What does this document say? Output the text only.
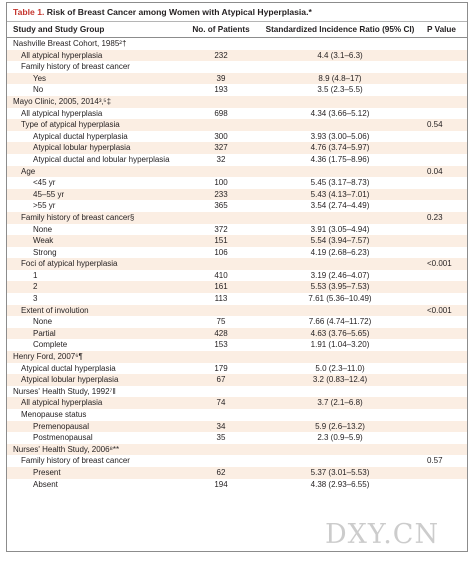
Table 1. Risk of Breast Cancer among Women with Atypical Hyperplasia.*
Study and Study Group	No. of Patients	Standardized Incidence Ratio (95% CI)	P Value
Nashville Breast Cohort, 1985²†			
All atypical hyperplasia	232	4.4 (3.1–6.3)	
Family history of breast cancer			
Yes	39	8.9 (4.8–17)	
No	193	3.5 (2.3–5.5)	
Mayo Clinic, 2005, 2014³‚⁵‡			
All atypical hyperplasia	698	4.34 (3.66–5.12)	
Type of atypical hyperplasia			0.54
Atypical ductal hyperplasia	300	3.93 (3.00–5.06)	
Atypical lobular hyperplasia	327	4.76 (3.74–5.97)	
Atypical ductal and lobular hyperplasia	32	4.36 (1.75–8.96)	
Age			0.04
<45 yr	100	5.45 (3.17–8.73)	
45–55 yr	233	5.43 (4.13–7.01)	
>55 yr	365	3.54 (2.74–4.49)	
Family history of breast cancer§			0.23
None	372	3.91 (3.05–4.94)	
Weak	151	5.54 (3.94–7.57)	
Strong	106	4.19 (2.68–6.23)	
Foci of atypical hyperplasia			<0.001
1	410	3.19 (2.46–4.07)	
2	161	5.53 (3.95–7.53)	
3	113	7.61 (5.36–10.49)	
Extent of involution			<0.001
None	75	7.66 (4.74–11.72)	
Partial	428	4.63 (3.76–5.65)	
Complete	153	1.91 (1.04–3.20)	
Henry Ford, 2007⁶¶			
Atypical ductal hyperplasia	179	5.0 (2.3–11.0)	
Atypical lobular hyperplasia	67	3.2 (0.83–12.4)	
Nurses' Health Study, 1992⁷‖			
All atypical hyperplasia	74	3.7 (2.1–6.8)	
Menopause status			
Premenopausal	34	5.9 (2.6–13.2)	
Postmenopausal	35	2.3 (0.9–5.9)	
Nurses' Health Study, 2006⁸**			
Family history of breast cancer			0.57
Present	62	5.37 (3.01–5.53)	
Absent	194	4.38 (2.93–6.55)	
DXY.CN
